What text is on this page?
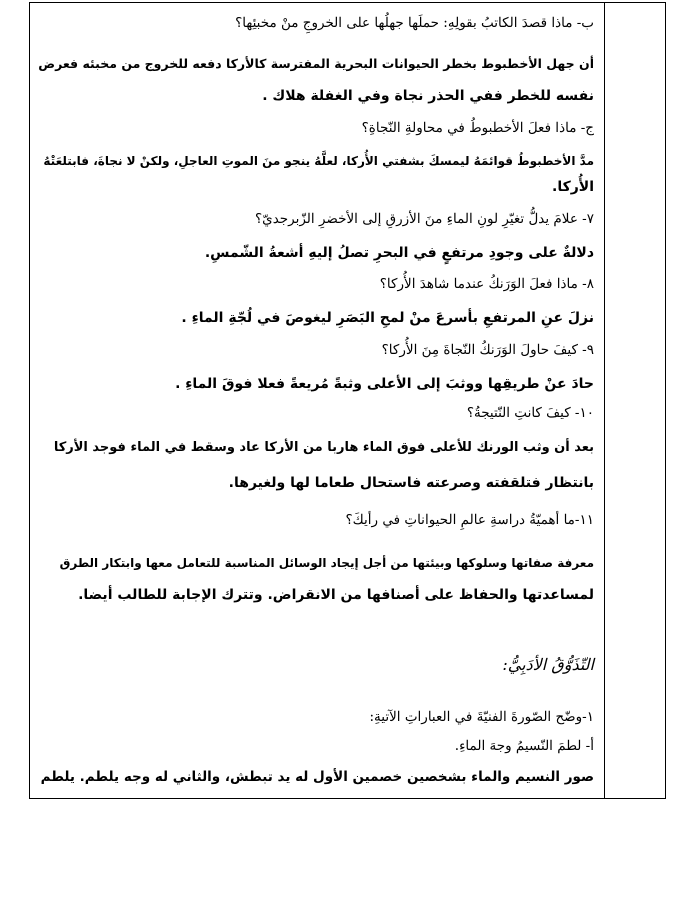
ب- ماذا قصدَ الكاتبُ بقولِهِ: حملَها جهلُها على الخروجِ منْ مخبئِها؟
أن جهل الأخطبوط بخطر الحيوانات البحرية المفترسة كالأركا دفعه للخروج من مخبئه فعرض
نفسه للخطر ففي الحذر نجاة وفي الغفلة هلاك .
ج- ماذا فعلَ الأخطبوطُ في محاولةِ النّجاةِ؟
مدَّ الأخطبوطُ قوائمَهُ ليمسكَ بشفتي الأُركا، لعلَّهُ ينجو منَ الموتِ العاجلِ، ولكنْ لا نجاةَ، فابتلعَتْهُ
الأُركا.
٧- علامَ يدلُّ تغيّرِ لونِ الماءِ منَ الأزرقِ إلى الأخضرِ الزّبرجديّ؟
دلالةٌ على وجودِ مرتفعٍ في البحرِ تصلُ إليهِ أشعةُ الشّمسِ.
٨- ماذا فعلَ الوَرَنكُ عندما شاهدَ الأُركا؟
نزلَ عنِ المرتفعِ بأسرعَ منْ لمحِ البَصَرِ ليغوصَ في لُجّةِ الماءِ .
٩- كيفَ حاولَ الوَرَنكُ النّجاةَ مِنَ الأُركا؟
حادَ عنْ طريقِها ووثبَ إلى الأعلى وثبةً مُريعةً فعلا فوقَ الماءِ .
١٠- كيفَ كانتِ النّتيجةُ؟
بعد أن وثب الورنك للأعلى فوق الماء هاربا من الأركا عاد وسقط في الماء فوجد الأركا
بانتظار فتلقفته وصرعته فاستحال طعاما لها ولغيرها.
١١-ما أهميّةُ دراسةِ عالمِ الحيواناتِ في رأيكَ؟
معرفة صفاتها وسلوكها وبيئتها من أجل إيجاد الوسائل المناسبة للتعامل معها وابتكار الطرق
لمساعدتها والحفاظ على أصنافها من الانقراض. وتترك الإجابة للطالب أيضا.
التّذَوُّقُ الأدَبِيُّ:
١-وضّح الصّورةَ الفنيّةَ في العباراتِ الآتيةِ:
أ- لطمَ النّسيمُ وجهَ الماءِ.
صور النسيم والماء بشخصين خصمين الأول له يد تبطش، والثاني له وجه يلطم. يلطم
